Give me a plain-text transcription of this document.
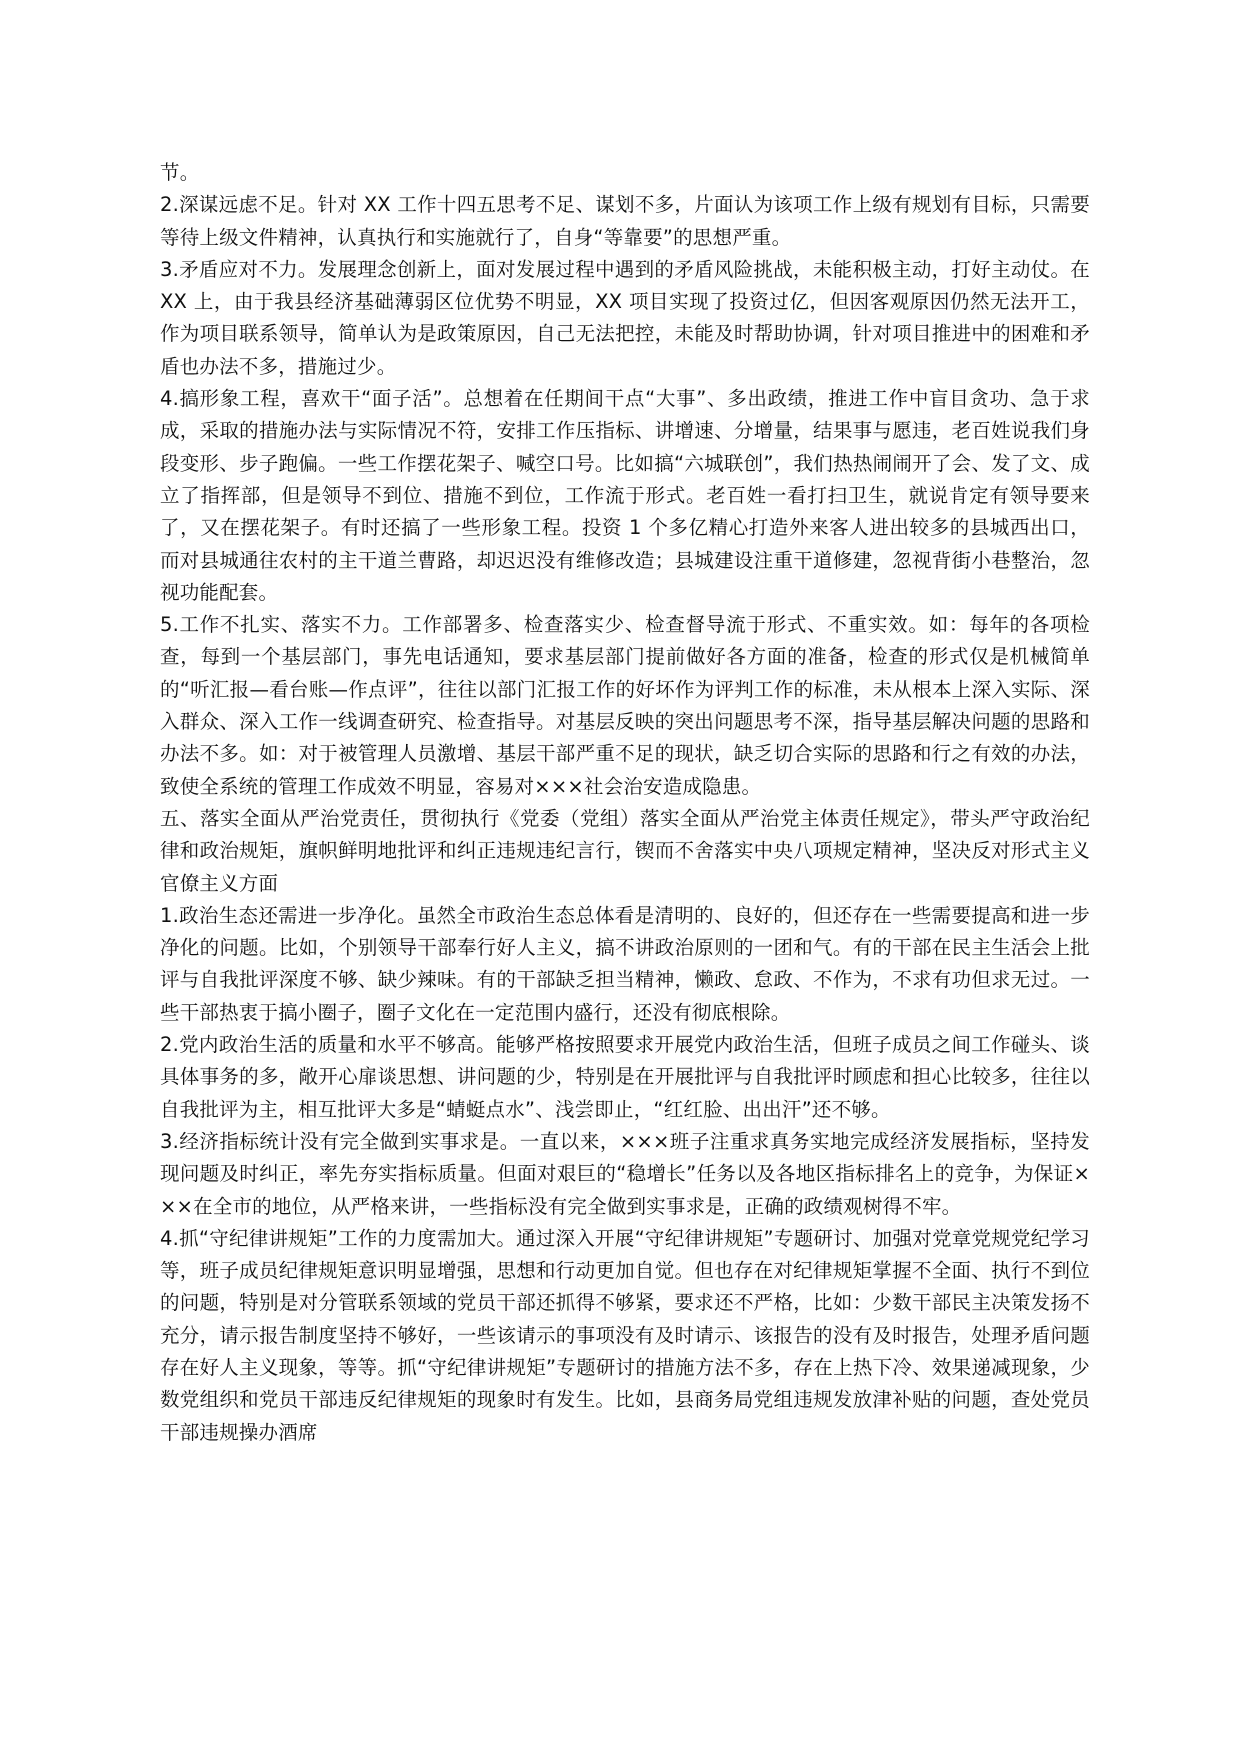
节。

2.深谋远虑不足。针对 XX 工作十四五思考不足、谋划不多，片面认为该项工作上级有规划有目标，只需要等待上级文件精神，认真执行和实施就行了，自身“等靠要”的思想严重。

3.矛盾应对不力。发展理念创新上，面对发展过程中遇到的矛盾风险挑战，未能积极主动，打好主动仗。在 XX 上，由于我县经济基础薄弱区位优势不明显，XX 项目实现了投资过亿，但因客观原因仍然无法开工，作为项目联系领导，简单认为是政策原因，自己无法把控，未能及时帮助协调，针对项目推进中的困难和矛盾也办法不多，措施过少。

4.搞形象工程，喜欢干“面子活”。总想着在任期间干点“大事”、多出政绩，推进工作中盲目贪功、急于求成，采取的措施办法与实际情况不符，安排工作压指标、讲增速、分增量，结果事与愿违，老百姓说我们身段变形、步子跑偏。一些工作摆花架子、喊空口号。比如搞“六城联创”，我们热热闹闹开了会、发了文、成立了指挥部，但是领导不到位、措施不到位，工作流于形式。老百姓一看打扫卫生，就说肯定有领导要来了，又在摆花架子。有时还搞了一些形象工程。投资 1 个多亿精心打造外来客人进出较多的县城西出口，而对县城通往农村的主干道兰曹路，却迟迟没有维修改造；县城建设注重干道修建，忽视背街小巷整治，忽视功能配套。

5.工作不扎实、落实不力。工作部署多、检查落实少、检查督导流于形式、不重实效。如：每年的各项检查，每到一个基层部门，事先电话通知，要求基层部门提前做好各方面的准备，检查的形式仅是机械简单的“听汇报—看台账—作点评”，往往以部门汇报工作的好坏作为评判工作的标准，未从根本上深入实际、深入群众、深入工作一线调查研究、检查指导。对基层反映的突出问题思考不深，指导基层解决问题的思路和办法不多。如：对于被管理人员激增、基层干部严重不足的现状，缺乏切合实际的思路和行之有效的办法，致使全系统的管理工作成效不明显，容易对×××社会治安造成隐患。

五、落实全面从严治党责任，贯彻执行《党委（党组）落实全面从严治党主体责任规定》，带头严守政治纪律和政治规矩，旗帜鲜明地批评和纠正违规违纪言行，锲而不舍落实中央八项规定精神，坚决反对形式主义官僚主义方面

1.政治生态还需进一步净化。虽然全市政治生态总体看是清明的、良好的，但还存在一些需要提高和进一步净化的问题。比如，个别领导干部奉行好人主义，搞不讲政治原则的一团和气。有的干部在民主生活会上批评与自我批评深度不够、缺少辣味。有的干部缺乏担当精神，懒政、怠政、不作为，不求有功但求无过。一些干部热衷于搞小圈子，圈子文化在一定范围内盛行，还没有彻底根除。

2.党内政治生活的质量和水平不够高。能够严格按照要求开展党内政治生活，但班子成员之间工作碰头、谈具体事务的多，敞开心扉谈思想、讲问题的少，特别是在开展批评与自我批评时顾虑和担心比较多，往往以自我批评为主，相互批评大多是“蜻蜓点水”、浅尝即止，“红红脸、出出汗”还不够。

3.经济指标统计没有完全做到实事求是。一直以来，×××班子注重求真务实地完成经济发展指标，坚持发现问题及时纠正，率先夯实指标质量。但面对艰巨的“稳增长”任务以及各地区指标排名上的竞争，为保证×××在全市的地位，从严格来讲，一些指标没有完全做到实事求是，正确的政绩观树得不牢。

4.抓“守纪律讲规矩”工作的力度需加大。通过深入开展“守纪律讲规矩”专题研讨、加强对党章党规党纪学习等，班子成员纪律规矩意识明显增强，思想和行动更加自觉。但也存在对纪律规矩掌握不全面、执行不到位的问题，特别是对分管联系领域的党员干部还抓得不够紧，要求还不严格，比如：少数干部民主决策发扬不充分，请示报告制度坚持不够好，一些该请示的事项没有及时请示、该报告的没有及时报告，处理矛盾问题存在好人主义现象，等等。抓“守纪律讲规矩”专题研讨的措施方法不多，存在上热下冷、效果递减现象，少数党组织和党员干部违反纪律规矩的现象时有发生。比如，县商务局党组违规发放津补贴的问题，查处党员干部违规操办酒席
